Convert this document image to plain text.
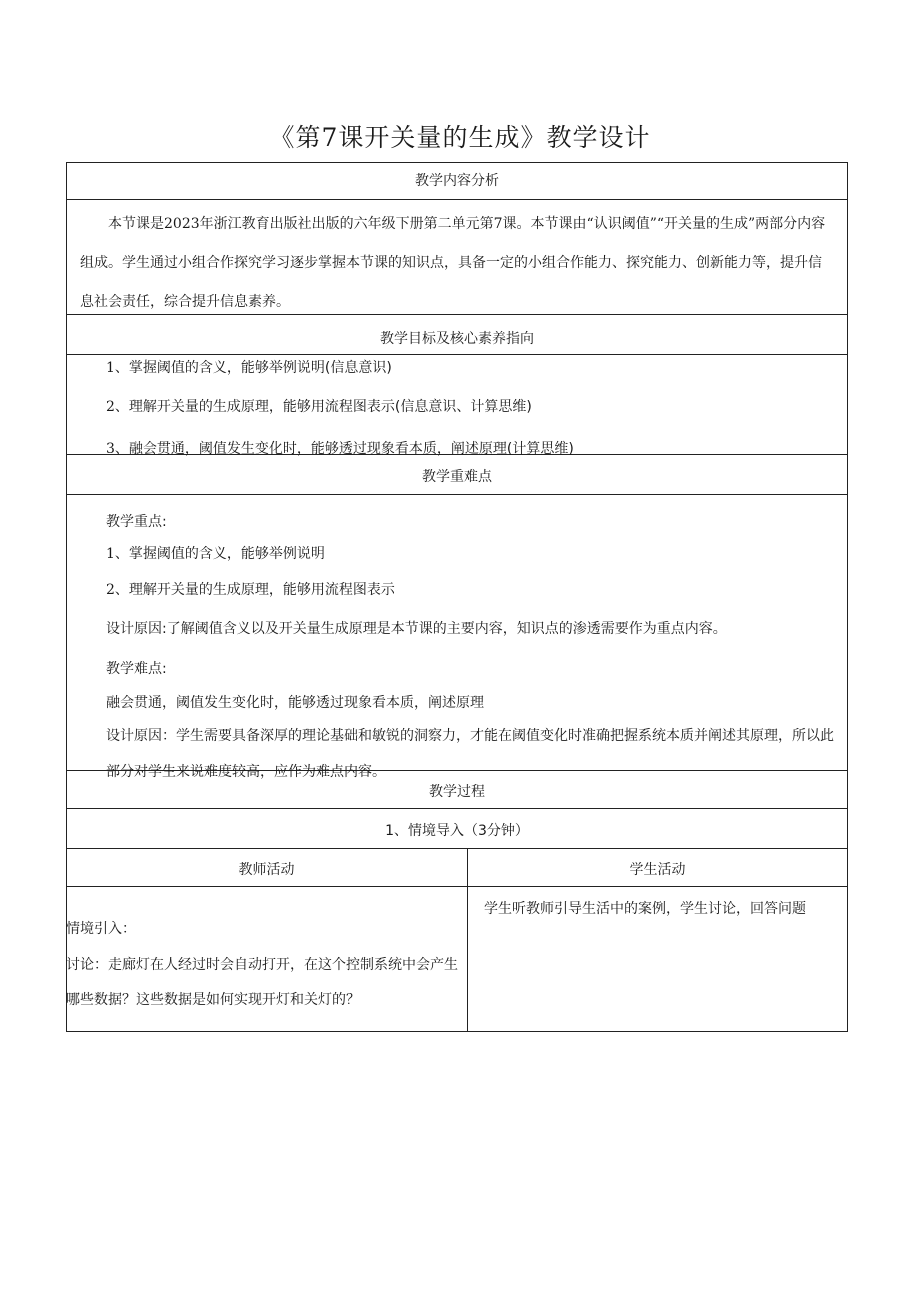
《第7课开关量的生成》教学设计
教学内容分析

本节课是2023年浙江教育出版社出版的六年级下册第二单元第7课。本节课由“认识阈值”“开关量的生成”两部分内容组成。学生通过小组合作探究学习逐步掌握本节课的知识点，具备一定的小组合作能力、探究能力、创新能力等，提升信息社会责任，综合提升信息素养。

教学目标及核心素养指向
1、掌握阈值的含义，能够举例说明(信息意识)
2、理解开关量的生成原理，能够用流程图表示(信息意识、计算思维)
3、融会贯通，阈值发生变化时，能够透过现象看本质，阐述原理(计算思维)
教学重难点
教学重点:
1、掌握阈值的含义，能够举例说明
2、理解开关量的生成原理，能够用流程图表示
设计原因:了解阈值含义以及开关量生成原理是本节课的主要内容，知识点的渗透需要作为重点内容。
教学难点:
融会贯通，阈值发生变化时，能够透过现象看本质，阐述原理
设计原因：学生需要具备深厚的理论基础和敏锐的洞察力，才能在阈值变化时准确把握系统本质并阐述其原理，所以此部分对学生来说难度较高，应作为难点内容。
教学过程
1、情境导入（3分钟）
教师活动	学生活动
情境引入：
讨论：走廊灯在人经过时会自动打开，在这个控制系统中会产生哪些数据？这些数据是如何实现开灯和关灯的？
学生听教师引导生活中的案例，学生讨论，回答问题
